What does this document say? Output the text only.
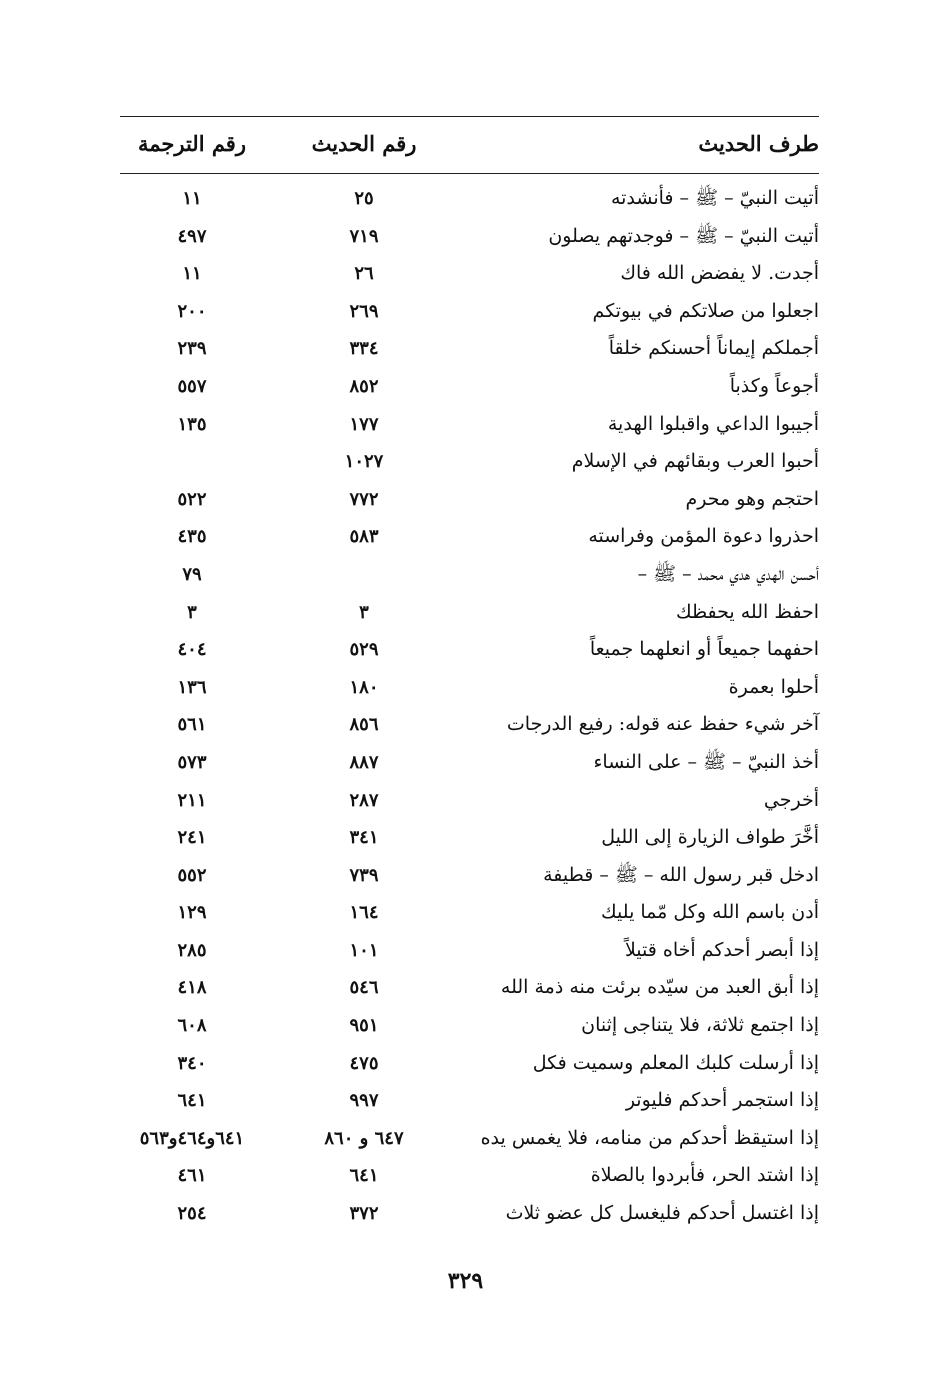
طرف الحديث
رقم الحديث
رقم الترجمة
أتيت النبيّ – ﷺ – فأنشدته
٢٥
١١
أتيت النبيّ – ﷺ – فوجدتهم يصلون
٧١٩
٤٩٧
أجدت. لا يفضض الله فاك
٢٦
١١
اجعلوا من صلاتكم في بيوتكم
٢٦٩
٢٠٠
أجملكم إيماناً أحسنكم خلقاً
٣٣٤
٢٣٩
أجوعاً وكذباً
٨٥٢
٥٥٧
أجيبوا الداعي واقبلوا الهدية
١٧٧
١٣٥
أحبوا العرب وبقائهم في الإسلام
١٠٢٧
احتجم وهو محرم
٧٧٢
٥٢٢
احذروا دعوة المؤمن وفراسته
٥٨٣
٤٣٥
أحسن الهدي هدي محمد – ﷺ –
٧٩
احفظ الله يحفظك
٣
٣
احفهما جميعاً أو انعلهما جميعاً
٥٢٩
٤٠٤
أحلوا بعمرة
١٨٠
١٣٦
آخر شيء حفظ عنه قوله: رفيع الدرجات
٨٥٦
٥٦١
أخذ النبيّ – ﷺ – على النساء
٨٨٧
٥٧٣
أخرجي
٢٨٧
٢١١
أخَّرَ طواف الزيارة إلى الليل
٣٤١
٢٤١
ادخل قبر رسول الله – ﷺ – قطيفة
٧٣٩
٥٥٢
أدن باسم الله وكل مّما يليك
١٦٤
١٢٩
إذا أبصر أحدكم أخاه قتيلاً
١٠١
٢٨٥
إذا أبق العبد من سيّده برئت منه ذمة الله
٥٤٦
٤١٨
إذا اجتمع ثلاثة، فلا يتناجى إثنان
٩٥١
٦٠٨
إذا أرسلت كلبك المعلم وسميت فكل
٤٧٥
٣٤٠
إذا استجمر أحدكم فليوتر
٩٩٧
٦٤١
إذا استيقظ أحدكم من منامه، فلا يغمس يده
٦٤٧ و ٨٦٠
٦٤١و٤٦٤و٥٦٣
إذا اشتد الحر، فأبردوا بالصلاة
٦٤١
٤٦١
إذا اغتسل أحدكم فليغسل كل عضو ثلاث
٣٧٢
٢٥٤
٣٢٩
